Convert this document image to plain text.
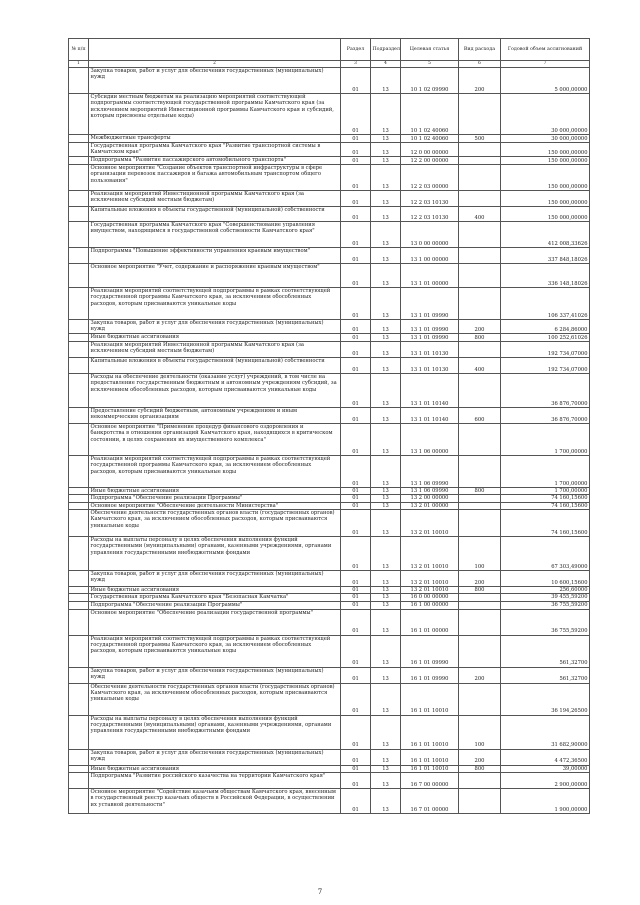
№ п/п		Раздел	Подраздел	Целевая статья	Вид расхода	Годовой объем ассигнований
1	2	3	4	5	6	7
	Закупка товаров, работ и услуг для обеспечения государственных (муниципальных) нужд	01	13	10 1 02 09990	200	5 000,00000
	Субсидии местным бюджетам на реализацию мероприятий соответствующей подпрограммы соответствующей государственной программы Камчатского края (за исключением мероприятий Инвестиционной программы Камчатского края и субсидий, которым присвоены отдельные коды)	01	13	10 1 02 40060		30 000,00000
	Межбюджетные трансферты	01	13	10 1 02 40060	500	30 000,00000
	Государственная программа Камчатского края "Развитие транспортной системы в Камчатском крае"	01	13	12 0 00 00000		150 000,00000
	Подпрограмма "Развитие пассажирского автомобильного транспорта"	01	13	12 2 00 00000		150 000,00000
	Основное мероприятие "Создание объектов транспортной инфраструктуры в сфере организации перевозок пассажиров и багажа автомобильным транспортом общего пользования"	01	13	12 2 03 00000		150 000,00000
	Реализация мероприятий Инвестиционной программы Камчатского края (за исключением субсидий местным бюджетам)	01	13	12 2 03 10130		150 000,00000
	Капитальные вложения в объекты государственной (муниципальной) собственности	01	13	12 2 03 10130	400	150 000,00000
	Государственная программа Камчатского края "Совершенствование управления имуществом, находящимся в государственной собственности Камчатского края"	01	13	13 0 00 00000		412 008,33626
	Подпрограмма "Повышение эффективности управления краевым имуществом"	01	13	13 1 00 00000		337 848,18026
	Основное мероприятие "Учет, содержание и распоряжение краевым имуществом"	01	13	13 1 01 00000		336 148,18026
	Реализация мероприятий соответствующей подпрограммы в рамках соответствующей государственной программы Камчатского края, за исключением обособленных расходов, которым присваиваются уникальные коды	01	13	13 1 01 09990		106 337,41026
	Закупка товаров, работ и услуг для обеспечения государственных (муниципальных) нужд	01	13	13 1 01 09990	200	6 284,86000
	Иные бюджетные ассигнования	01	13	13 1 01 09990	800	100 252,61026
	Реализация мероприятий Инвестиционной программы Камчатского края (за исключением субсидий местным бюджетам)	01	13	13 1 01 10130		192 734,07000
	Капитальные вложения в объекты государственной (муниципальной) собственности	01	13	13 1 01 10130	400	192 734,07000
	Расходы на обеспечение деятельности (оказание услуг) учреждений, в том числе на предоставление государственным бюджетным и автономным учреждениям субсидий, за исключением обособленных расходов, которым присваиваются уникальные коды	01	13	13 1 01 10140		36 876,70000
	Предоставление субсидий бюджетным, автономным учреждениям и иным некоммерческим организациям	01	13	13 1 01 10140	600	36 876,70000
	Основное мероприятие "Применение процедур финансового оздоровления и банкротства в отношении организаций Камчатского края, находящихся в критическом состоянии, в целях сохранения их имущественного комплекса"	01	13	13 1 06 00000		1 700,00000
	Реализация мероприятий соответствующей подпрограммы в рамках соответствующей государственной программы Камчатского края, за исключением обособленных расходов, которым присваиваются уникальные коды	01	13	13 1 06 09990		1 700,00000
	Иные бюджетные ассигнования	01	13	13 1 06 09990	800	1 700,00000
	Подпрограмма "Обеспечение реализации Программы"	01	13	13 2 00 00000		74 160,15600
	Основное мероприятие "Обеспечение деятельности Министерства"	01	13	13 2 01 00000		74 160,15600
	Обеспечение деятельности государственных органов власти (государственных органов) Камчатского края, за исключением обособленных расходов, которым присваиваются уникальные коды	01	13	13 2 01 10010		74 160,15600
	Расходы на выплаты персоналу в целях обеспечения выполнения функций государственными (муниципальными) органами, казенными учреждениями, органами управления государственными внебюджетными фондами	01	13	13 2 01 10010	100	67 303,49000
	Закупка товаров, работ и услуг для обеспечения государственных (муниципальных) нужд	01	13	13 2 01 10010	200	10 600,15600
	Иные бюджетные ассигнования	01	13	13 2 01 10010	800	256,60000
	Государственная программа Камчатского края "Безопасная Камчатка"	01	13	16 0 00 00000		39 455,59200
	Подпрограмма "Обеспечение реализации Программы"	01	13	16 1 00 00000		36 755,59200
	Основное мероприятие "Обеспечение реализации государственной программы"	01	13	16 1 01 00000		36 755,59200
	Реализация мероприятий соответствующей подпрограммы в рамках соответствующей государственной программы Камчатского края, за исключением обособленных расходов, которым присваиваются уникальные коды	01	13	16 1 01 09990		561,32700
	Закупка товаров, работ и услуг для обеспечения государственных (муниципальных) нужд	01	13	16 1 01 09990	200	561,32700
	Обеспечение деятельности государственных органов власти (государственных органов) Камчатского края, за исключением обособленных расходов, которым присваиваются уникальные коды	01	13	16 1 01 10010		36 194,26500
	Расходы на выплаты персоналу в целях обеспечения выполнения функций государственными (муниципальными) органами, казенными учреждениями, органами управления государственными внебюджетными фондами	01	13	16 1 01 10010	100	31 682,90000
	Закупка товаров, работ и услуг для обеспечения государственных (муниципальных) нужд	01	13	16 1 01 10010	200	4 472,36500
	Иные бюджетные ассигнования	01	13	16 1 01 10010	800	39,00000
	Подпрограмма "Развитие российского казачества на территории Камчатского края"	01	13	16 7 00 00000		2 900,00000
	Основное мероприятие "Содействие казачьим обществам Камчатского края, внесенным в государственный реестр казачьих обществ в Российской Федерации, в осуществлении их уставной деятельности"	01	13	16 7 01 00000		1 900,00000
7
